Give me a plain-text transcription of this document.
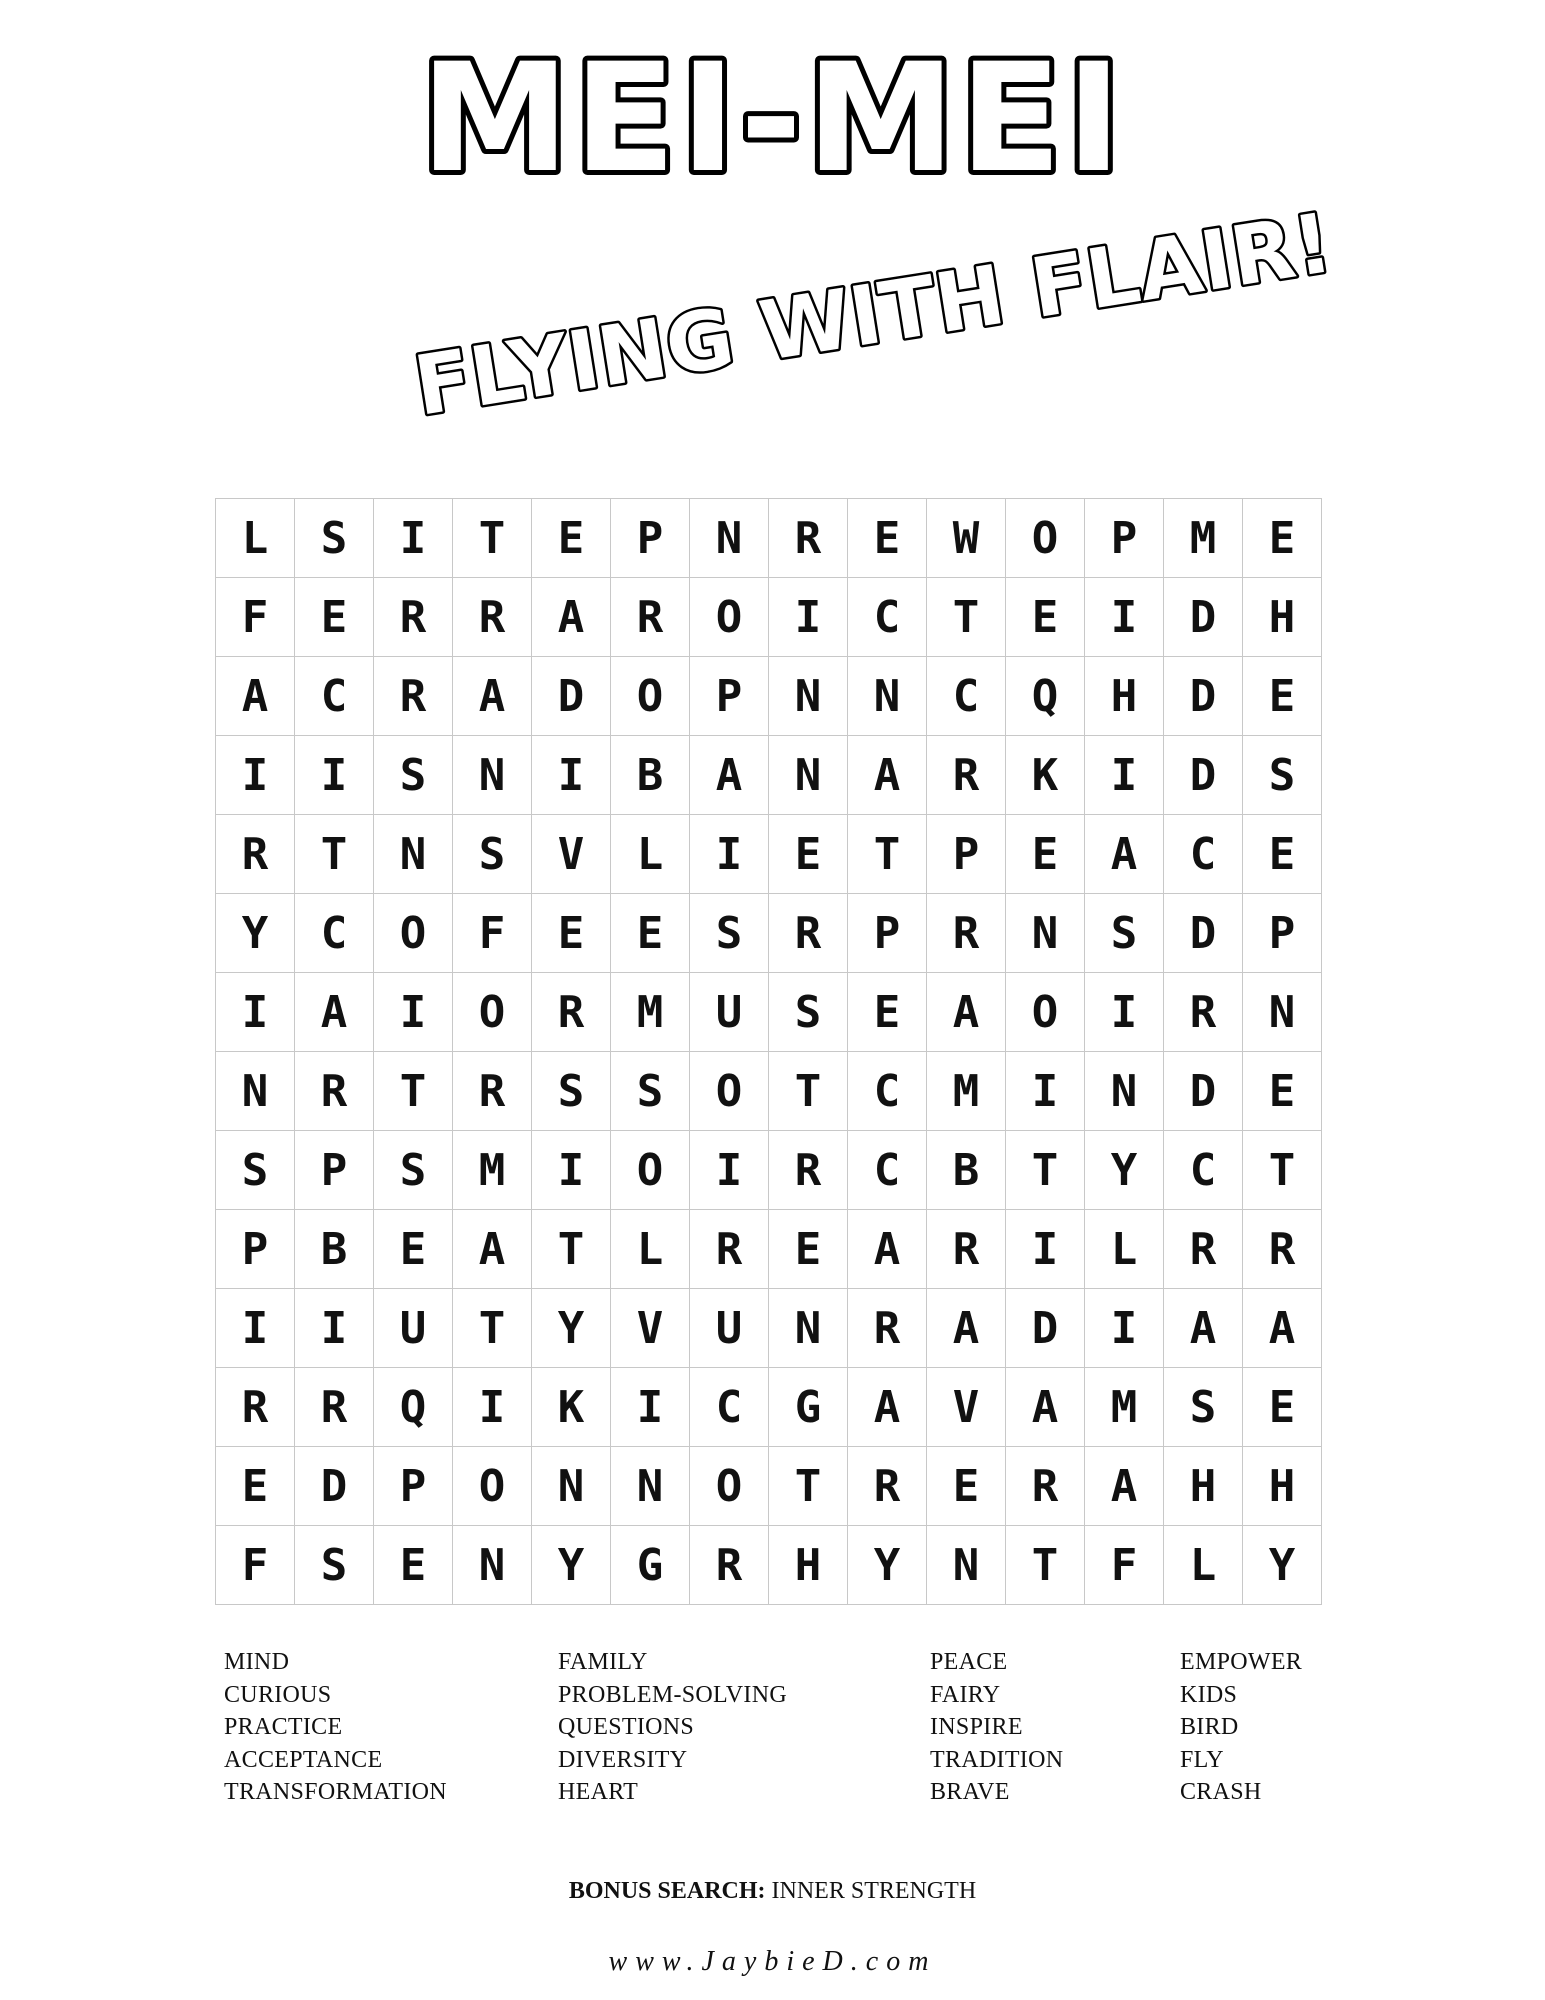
MEI-MEI
FLYING WITH FLAIR!
L	S	I	T	E	P	N	R	E	W	O	P	M	E
F	E	R	R	A	R	O	I	C	T	E	I	D	H
A	C	R	A	D	O	P	N	N	C	Q	H	D	E
I	I	S	N	I	B	A	N	A	R	K	I	D	S
R	T	N	S	V	L	I	E	T	P	E	A	C	E
Y	C	O	F	E	E	S	R	P	R	N	S	D	P
I	A	I	O	R	M	U	S	E	A	O	I	R	N
N	R	T	R	S	S	O	T	C	M	I	N	D	E
S	P	S	M	I	O	I	R	C	B	T	Y	C	T
P	B	E	A	T	L	R	E	A	R	I	L	R	R
I	I	U	T	Y	V	U	N	R	A	D	I	A	A
R	R	Q	I	K	I	C	G	A	V	A	M	S	E
E	D	P	O	N	N	O	T	R	E	R	A	H	H
F	S	E	N	Y	G	R	H	Y	N	T	F	L	Y
MIND
CURIOUS
PRACTICE
ACCEPTANCE
TRANSFORMATION
FAMILY
PROBLEM-SOLVING
QUESTIONS
DIVERSITY
HEART
PEACE
FAIRY
INSPIRE
TRADITION
BRAVE
EMPOWER
KIDS
BIRD
FLY
CRASH
BONUS SEARCH: INNER STRENGTH
www.JaybieD.com
